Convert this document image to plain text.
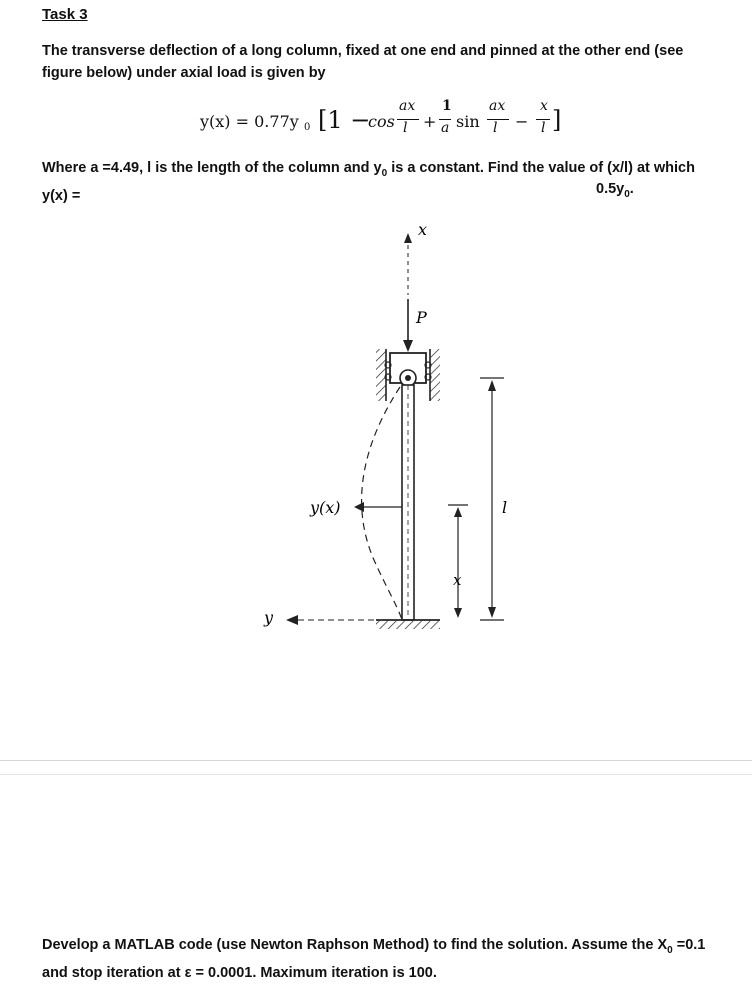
Task 3
The transverse deflection of a long column, fixed at one end and pinned at the other end (see figure below) under axial load is given by
y(x) = 0.77y 0 [1 −
cos
ax
l +
1
a sin
ax
l −
x
l ]
Where a =4.49, l is the length of the column and $y_0$ is a constant. Find the value of (x/l) at which y(x) =	$0.5y_0$.
x
P
y(x)
y
l
x
Develop a MATLAB code (use Newton Raphson Method) to find the solution. Assume the $X_0 =0.1$ and stop iteration at ε = 0.0001. Maximum iteration is 100.
